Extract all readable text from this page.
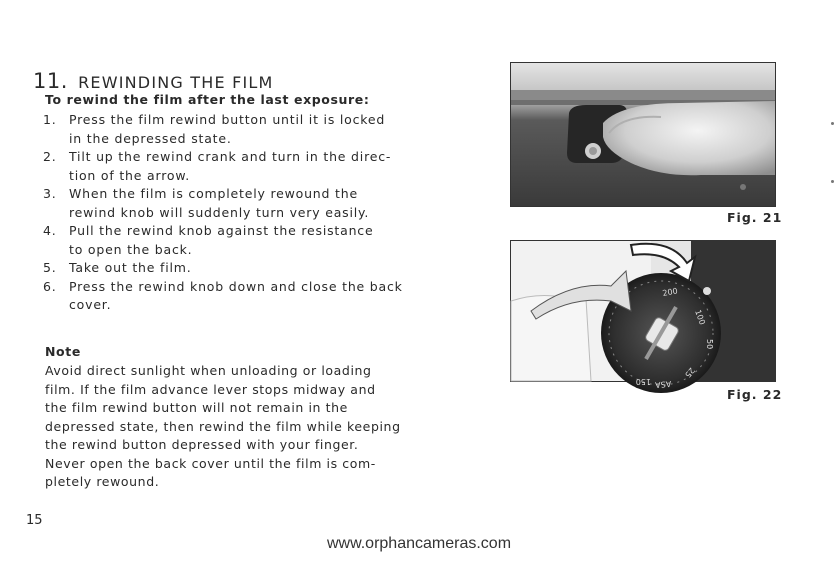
11. REWINDING THE FILM
To rewind the film after the last exposure:
1. Press the film rewind button until it is locked
in the depressed state.
2. Tilt up the rewind crank and turn in the direc-
tion of the arrow.
3. When the film is completely rewound the
rewind knob will suddenly turn very easily.
4. Pull the rewind knob against the resistance
to open the back.
5. Take out the film.
6. Press the rewind knob down and close the back
cover.
Note

Avoid direct sunlight when unloading or loading
film. If the film advance lever stops midway and
the film rewind button will not remain in the
depressed state, then rewind the film while keeping
the rewind button depressed with your finger.
Never open the back cover until the film is com-
pletely rewound.

Fig. 21
200
100
50
25
ASA
150
Fig. 22
15
www.orphancameras.com
